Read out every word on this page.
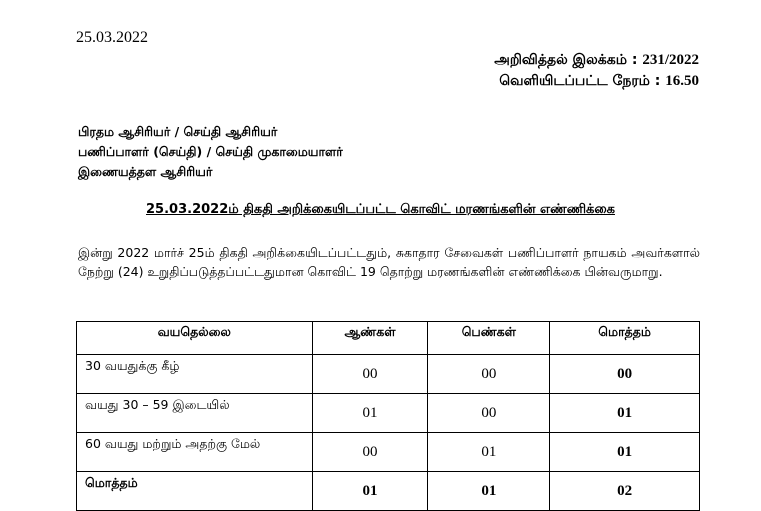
25.03.2022
அறிவித்தல் இலக்கம் : 231/2022
வெளியிடப்பட்ட நேரம் : 16.50
பிரதம ஆசிரியர் / செய்தி ஆசிரியர்
பணிப்பாளர் (செய்தி) / செய்தி முகாமையாளர்
இணையத்தள ஆசிரியர்
25.03.2022ம் திகதி அறிக்கையிடப்பட்ட கொவிட் மரணங்களின் எண்ணிக்கை
இன்று 2022 மார்ச் 25ம் திகதி அறிக்கையிடப்பட்டதும், சுகாதார சேவைகள் பணிப்பாளர் நாயகம் அவர்களால் நேற்று (24) உறுதிப்படுத்தப்பட்டதுமான கொவிட் 19 தொற்று மரணங்களின் எண்ணிக்கை பின்வருமாறு.
வயதெல்லை	ஆண்கள்	பெண்கள்	மொத்தம்
30 வயதுக்கு கீழ்	00	00	00
வயது 30 – 59 இடையில்	01	00	01
60 வயது மற்றும் அதற்கு மேல்	00	01	01
மொத்தம்	01	01	02
